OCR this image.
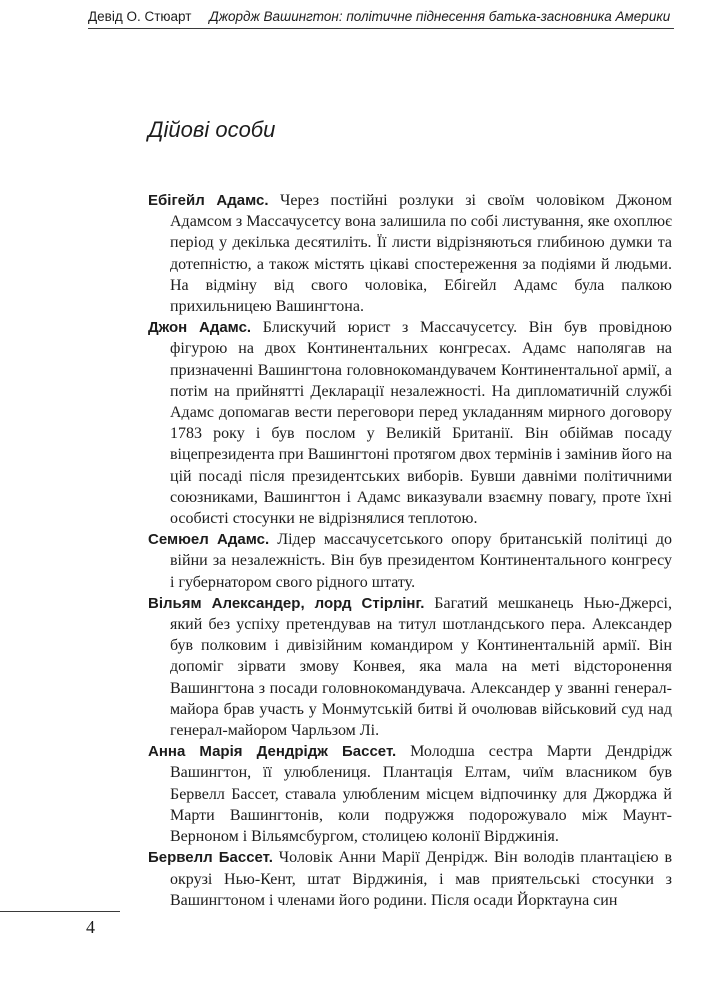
Девід О. Стюарт Джордж Вашингтон: політичне піднесення батька-засновника Америки
Дійові особи

Ебігейл Адамс. Через постійні розлуки зі своїм чоловіком Джоном Адамсом з Массачусетсу вона залишила по собі листування, яке охоплює період у декілька десятиліть. Її листи відрізняються глибиною думки та дотепністю, а також містять цікаві спостереження за подіями й людьми. На відміну від свого чоловіка, Ебігейл Адамс була палкою прихильницею Вашингтона.

Джон Адамс. Блискучий юрист з Массачусетсу. Він був провідною фігурою на двох Континентальних конгресах. Адамс наполягав на призначенні Вашингтона головнокомандувачем Континентальної армії, а потім на прийнятті Декларації незалежності. На дипломатичній службі Адамс допомагав вести переговори перед укладанням мирного договору 1783 року і був послом у Великій Британії. Він обіймав посаду віцепрезидента при Вашингтоні протягом двох термінів і замінив його на цій посаді після президентських виборів. Бувши давніми політичними союзниками, Вашингтон і Адамс виказували взаємну повагу, проте їхні особисті стосунки не відрізнялися теплотою.

Семюел Адамс. Лідер массачусетського опору британській політиці до війни за незалежність. Він був президентом Континентального конгресу і губернатором свого рідного штату.

Вільям Александер, лорд Стірлінг. Багатий мешканець Нью-Джерсі, який без успіху претендував на титул шотландського пера. Александер був полковим і дивізійним командиром у Континентальній армії. Він допоміг зірвати змову Конвея, яка мала на меті відсторонення Вашингтона з посади головнокомандувача. Александер у званні генерал-майора брав участь у Монмутській битві й очолював військовий суд над генерал-майором Чарльзом Лі.

Анна Марія Дендрідж Бассет. Молодша сестра Марти Дендрідж Вашингтон, її улюблениця. Плантація Елтам, чиїм власником був Бервелл Бассет, ставала улюбленим місцем відпочинку для Джорджа й Марти Вашингтонів, коли подружжя подорожувало між Маунт-Верноном і Вільямсбургом, столицею колонії Вірджинія.

Бервелл Бассет. Чоловік Анни Марії Денрідж. Він володів плантацією в окрузі Нью-Кент, штат Вірджинія, і мав приятельські стосунки з Вашингтоном і членами його родини. Після осади Йорктауна син

4
